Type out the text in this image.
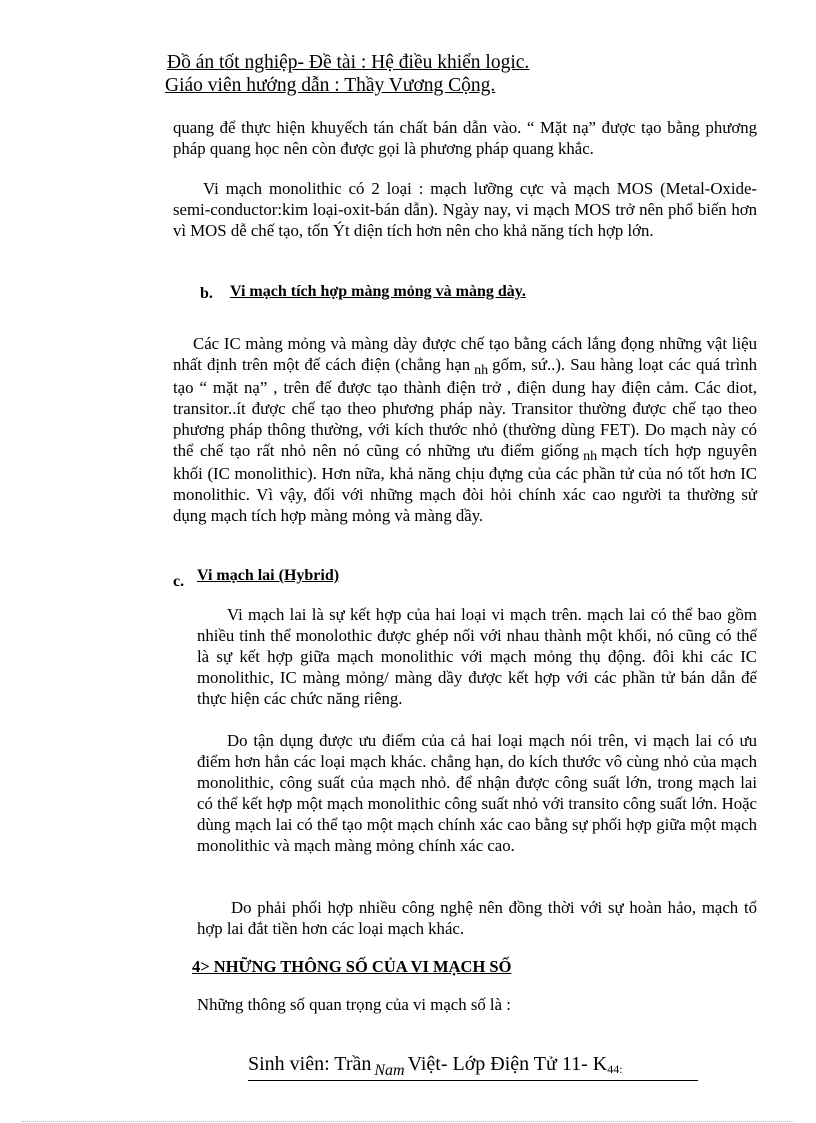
Đồ án tốt nghiệp- Đề tài : Hệ điều khiển logic.
Giáo viên hướng dẫn : Thầy Vương Cộng.
quang để thực hiện khuyếch tán chất bán dẫn vào. “ Mặt nạ” được tạo bằng phương pháp quang học nên còn được gọi là phương pháp quang khắc.
Vi mạch monolithic có 2 loại : mạch lưỡng cực và mạch MOS (Metal-Oxide-semi-conductor:kim loại-oxit-bán dẫn). Ngày nay, vi mạch MOS trở nên phổ biến hơn vì MOS dễ chế tạo, tốn Ýt diện tích hơn nên cho khả năng tích hợp lớn.
b. Vi mạch tích hợp màng mỏng và màng dày.
Các IC màng mỏng và màng dày được chế tạo bằng cách lắng đọng những vật liệu nhất định trên một đế cách điện (chẳng hạn $_{nh}$ gốm, sứ..). Sau hàng loạt các quá trình tạo “ mặt nạ” , trên đế được tạo thành điện trở , điện dung hay điện cảm. Các diot, transitor..ít được chế tạo theo phương pháp này. Transitor thường được chế tạo theo phương pháp thông thường, với kích thước nhỏ (thường dùng FET). Do mạch này có thể chế tạo rất nhỏ nên nó cũng có những ưu điểm giống $_{nh}$ mạch tích hợp nguyên khối (IC monolithic). Hơn nữa, khả năng chịu đựng của các phần tử của nó tốt hơn IC monolithic. Vì vậy, đối với những mạch đòi hỏi chính xác cao người ta thường sử dụng mạch tích hợp màng mỏng và màng dầy.
c. Vi mạch lai (Hybrid)
Vi mạch lai là sự kết hợp của hai loại vi mạch trên. mạch lai có thể bao gồm nhiều tinh thể monolothic được ghép nối với nhau thành một khối, nó cũng có thể là sự kết hợp giữa mạch monolithic với mạch mỏng thụ động. đôi khi các IC monolithic, IC màng mỏng/ màng dầy được kết hợp với các phần tử bán dẫn để thực hiện các chức năng riêng.
Do tận dụng được ưu điểm của cả hai loại mạch nói trên, vi mạch lai có ưu điểm hơn hẳn các loại mạch khác. chẳng hạn, do kích thước vô cùng nhỏ của mạch monolithic, công suất của mạch nhỏ. để nhận được công suất lớn, trong mạch lai có thể kết hợp một mạch monolithic công suất nhỏ với transito công suất lớn. Hoặc dùng mạch lai có thể tạo một mạch chính xác cao bằng sự phối hợp giữa một mạch monolithic và mạch màng mỏng chính xác cao.
Do phải phối hợp nhiều công nghệ nên đồng thời với sự hoàn hảo, mạch tổ hợp lai đắt tiền hơn các loại mạch khác.
4> NHỮNG THÔNG SỐ CỦA VI MẠCH SỐ
Những thông số quan trọng của vi mạch số là :
Sinh viên: Trần $_{Nam}$ Việt- Lớp Điện Tử 11- K44:
